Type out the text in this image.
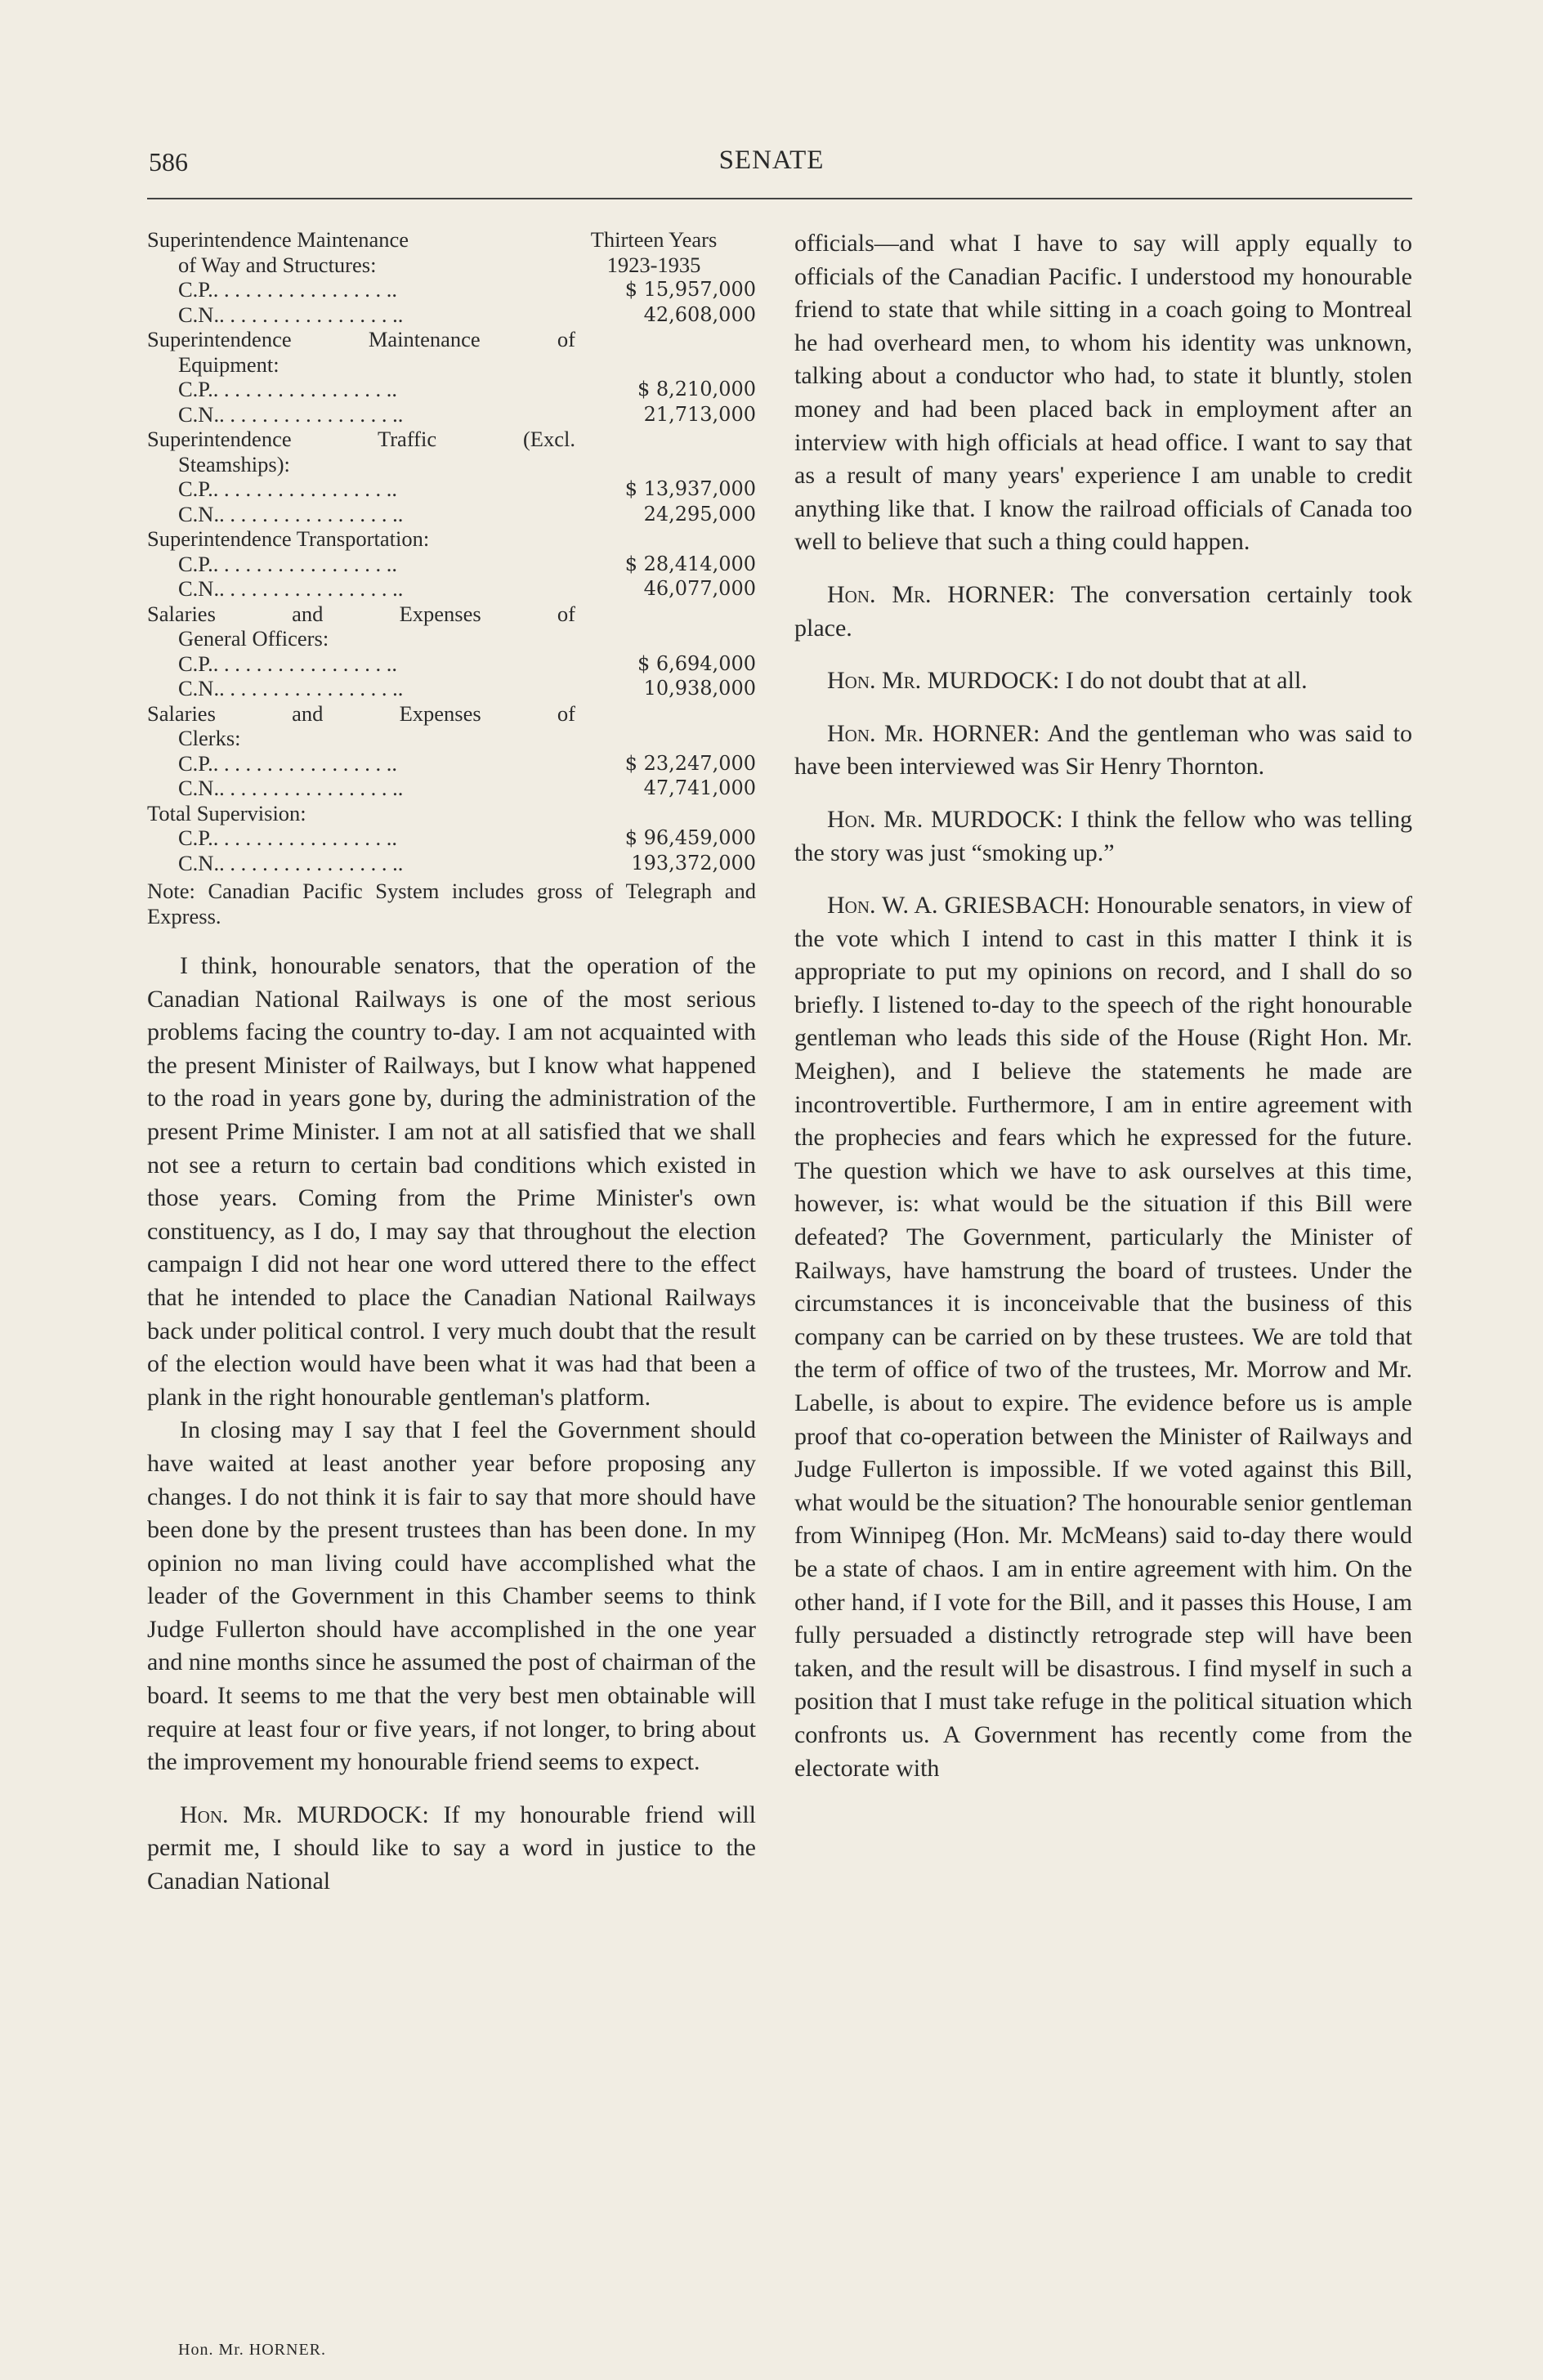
586	SENATE
Superintendence Maintenance	Thirteen Years
of Way and Structures:	1923-1935
C.P.. . . . . . . . . . . . . . . . ..	$ 15,957,000
C.N.. . . . . . . . . . . . . . . . ..	42,608,000
Superintendence Maintenance of
Equipment:
C.P.. . . . . . . . . . . . . . . . ..	$ 8,210,000
C.N.. . . . . . . . . . . . . . . . ..	21,713,000
Superintendence Traffic (Excl.
Steamships):
C.P.. . . . . . . . . . . . . . . . ..	$ 13,937,000
C.N.. . . . . . . . . . . . . . . . ..	24,295,000
Superintendence Transportation:
C.P.. . . . . . . . . . . . . . . . ..	$ 28,414,000
C.N.. . . . . . . . . . . . . . . . ..	46,077,000
Salaries and Expenses of
General Officers:
C.P.. . . . . . . . . . . . . . . . ..	$ 6,694,000
C.N.. . . . . . . . . . . . . . . . ..	10,938,000
Salaries and Expenses of
Clerks:
C.P.. . . . . . . . . . . . . . . . ..	$ 23,247,000
C.N.. . . . . . . . . . . . . . . . ..	47,741,000
Total Supervision:
C.P.. . . . . . . . . . . . . . . . ..	$ 96,459,000
C.N.. . . . . . . . . . . . . . . . ..	193,372,000

Note: Canadian Pacific System includes gross of Telegraph and Express.

I think, honourable senators, that the operation of the Canadian National Railways is one of the most serious problems facing the country to-day. I am not acquainted with the present Minister of Railways, but I know what happened to the road in years gone by, during the administration of the present Prime Minister. I am not at all satisfied that we shall not see a return to certain bad conditions which existed in those years. Coming from the Prime Minister's own constituency, as I do, I may say that throughout the election campaign I did not hear one word uttered there to the effect that he intended to place the Canadian National Railways back under political control. I very much doubt that the result of the election would have been what it was had that been a plank in the right honourable gentleman's platform.

In closing may I say that I feel the Government should have waited at least another year before proposing any changes. I do not think it is fair to say that more should have been done by the present trustees than has been done. In my opinion no man living could have accomplished what the leader of the Government in this Chamber seems to think Judge Fullerton should have accomplished in the one year and nine months since he assumed the post of chairman of the board. It seems to me that the very best men obtainable will require at least four or five years, if not longer, to bring about the improvement my honourable friend seems to expect.

Hon. Mr. MURDOCK: If my honourable friend will permit me, I should like to say a word in justice to the Canadian National

officials—and what I have to say will apply equally to officials of the Canadian Pacific. I understood my honourable friend to state that while sitting in a coach going to Montreal he had overheard men, to whom his identity was unknown, talking about a conductor who had, to state it bluntly, stolen money and had been placed back in employment after an interview with high officials at head office. I want to say that as a result of many years' experience I am unable to credit anything like that. I know the railroad officials of Canada too well to believe that such a thing could happen.

Hon. Mr. HORNER: The conversation certainly took place.

Hon. Mr. MURDOCK: I do not doubt that at all.

Hon. Mr. HORNER: And the gentleman who was said to have been interviewed was Sir Henry Thornton.

Hon. Mr. MURDOCK: I think the fellow who was telling the story was just “smoking up.”

Hon. W. A. GRIESBACH: Honourable senators, in view of the vote which I intend to cast in this matter I think it is appropriate to put my opinions on record, and I shall do so briefly. I listened to-day to the speech of the right honourable gentleman who leads this side of the House (Right Hon. Mr. Meighen), and I believe the statements he made are incontrovertible. Furthermore, I am in entire agreement with the prophecies and fears which he expressed for the future. The question which we have to ask ourselves at this time, however, is: what would be the situation if this Bill were defeated? The Government, particularly the Minister of Railways, have hamstrung the board of trustees. Under the circumstances it is inconceivable that the business of this company can be carried on by these trustees. We are told that the term of office of two of the trustees, Mr. Morrow and Mr. Labelle, is about to expire. The evidence before us is ample proof that co-operation between the Minister of Railways and Judge Fullerton is impossible. If we voted against this Bill, what would be the situation? The honourable senior gentleman from Winnipeg (Hon. Mr. McMeans) said to-day there would be a state of chaos. I am in entire agreement with him. On the other hand, if I vote for the Bill, and it passes this House, I am fully persuaded a distinctly retrograde step will have been taken, and the result will be disastrous. I find myself in such a position that I must take refuge in the political situation which confronts us. A Government has recently come from the electorate with

Hon. Mr. HORNER.
